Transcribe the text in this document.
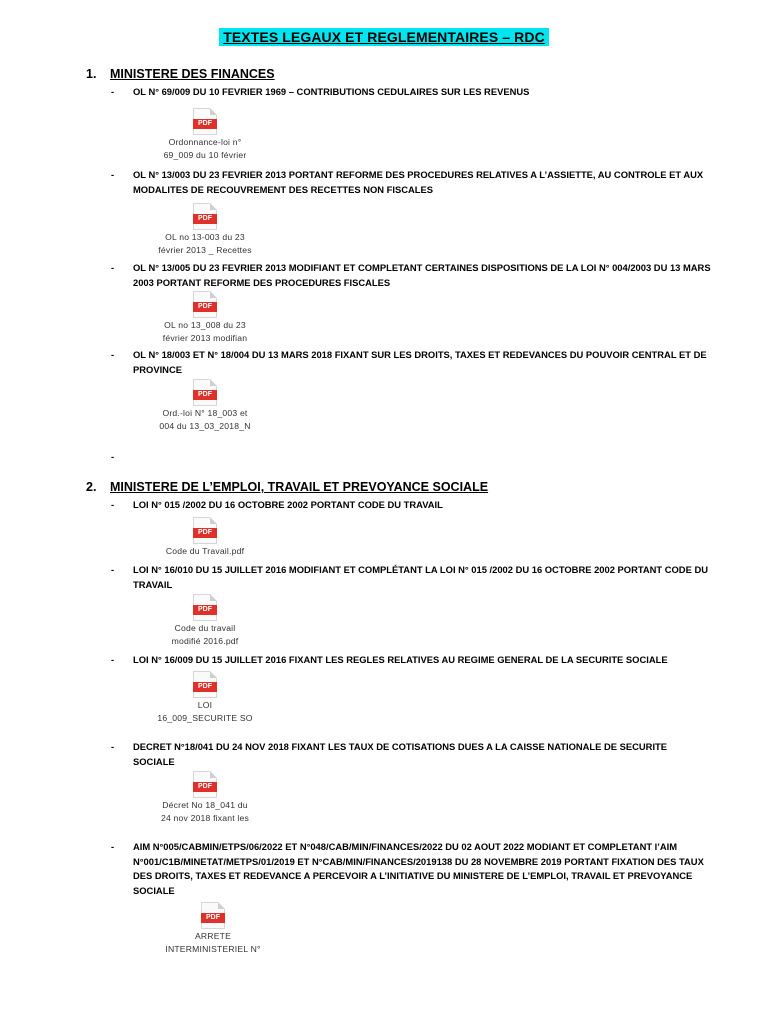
TEXTES LEGAUX ET REGLEMENTAIRES – RDC
1. MINISTERE DES FINANCES
- OL N° 69/009 DU 10 FEVRIER 1969 – CONTRIBUTIONS CEDULAIRES SUR LES REVENUS
PDF
Ordonnance-loi n°
69_009 du 10 février
- OL N° 13/003 DU 23 FEVRIER 2013 PORTANT REFORME DES PROCEDURES RELATIVES A L’ASSIETTE, AU CONTROLE ET AUX MODALITES DE RECOUVREMENT DES RECETTES NON FISCALES
PDF
OL no 13-003 du 23
février 2013 _ Recettes
- OL N° 13/005 DU 23 FEVRIER 2013 MODIFIANT ET COMPLETANT CERTAINES DISPOSITIONS DE LA LOI N° 004/2003 DU 13 MARS 2003 PORTANT REFORME DES PROCEDURES FISCALES
PDF
OL no 13_008 du 23
février 2013 modifian
- OL N° 18/003 ET N° 18/004 DU 13 MARS 2018 FIXANT SUR LES DROITS, TAXES ET REDEVANCES DU POUVOIR CENTRAL ET DE PROVINCE
PDF
Ord.-loi N° 18_003 et
004 du 13_03_2018_N
-
2. MINISTERE DE L’EMPLOI, TRAVAIL ET PREVOYANCE SOCIALE
- LOI N° 015 /2002 DU 16 OCTOBRE 2002 PORTANT CODE DU TRAVAIL
PDF
Code du Travail.pdf
- LOI N° 16/010 DU 15 JUILLET 2016 MODIFIANT ET COMPLÉTANT LA LOI N° 015 /2002 DU 16 OCTOBRE 2002 PORTANT CODE DU TRAVAIL
PDF
Code du travail
modifié 2016.pdf
- LOI N° 16/009 DU 15 JUILLET 2016 FIXANT LES REGLES RELATIVES AU REGIME GENERAL DE LA SECURITE SOCIALE
PDF
LOI
16_009_SECURITE SO
- DECRET N°18/041 DU 24 NOV 2018 FIXANT LES TAUX DE COTISATIONS DUES A LA CAISSE NATIONALE DE SECURITE SOCIALE
PDF
Décret No 18_041 du
24 nov 2018 fixant les
- AIM N°005/CABMIN/ETPS/06/2022 ET N°048/CAB/MIN/FINANCES/2022 DU 02 AOUT 2022 MODIANT ET COMPLETANT l’AIM N°001/C1B/MINETAT/METPS/01/2019 ET N°CAB/MIN/FINANCES/2019138 DU 28 NOVEMBRE 2019 PORTANT FIXATION DES TAUX DES DROITS, TAXES ET REDEVANCE A PERCEVOIR A L’INITIATIVE DU MINISTERE DE L’EMPLOI, TRAVAIL ET PREVOYANCE SOCIALE
PDF
ARRETE
INTERMINISTERIEL N°
